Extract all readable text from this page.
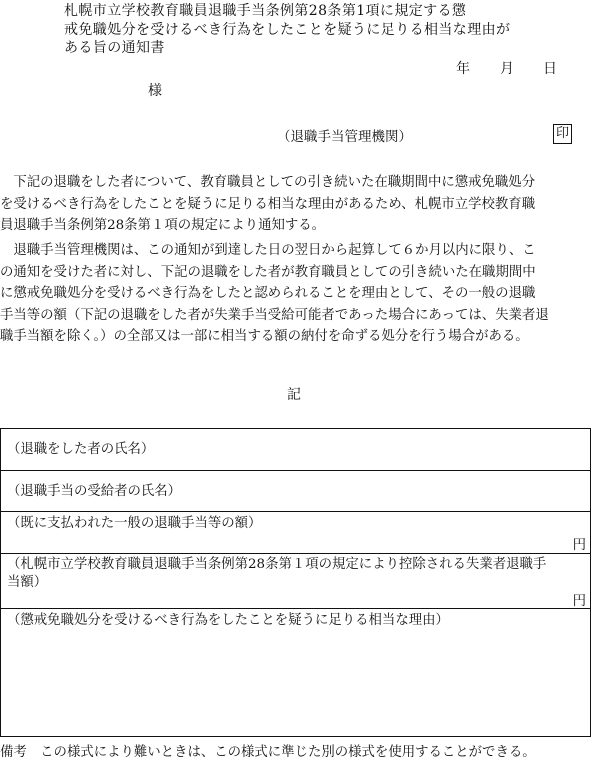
札幌市立学校教育職員退職手当条例第28条第1項に規定する懲
戒免職処分を受けるべき行為をしたことを疑うに足りる相当な理由が
ある旨の通知書
年 月 日
様
（退職手当管理機関）	印
　下記の退職をした者について、教育職員としての引き続いた在職期間中に懲戒免職処分
を受けるべき行為をしたことを疑うに足りる相当な理由があるため、札幌市立学校教育職
員退職手当条例第28条第１項の規定により通知する。
　退職手当管理機関は、この通知が到達した日の翌日から起算して６か月以内に限り、こ
の通知を受けた者に対し、下記の退職をした者が教育職員としての引き続いた在職期間中
に懲戒免職処分を受けるべき行為をしたと認められることを理由として、その一般の退職
手当等の額（下記の退職をした者が失業手当受給可能者であった場合にあっては、失業者退
職手当額を除く。）の全部又は一部に相当する額の納付を命ずる処分を行う場合がある。
記
（退職をした者の氏名）
（退職手当の受給者の氏名）
（既に支払われた一般の退職手当等の額）
円
（札幌市立学校教育職員退職手当条例第28条第１項の規定により控除される失業者退職手
当額）
円
（懲戒免職処分を受けるべき行為をしたことを疑うに足りる相当な理由）
備考　この様式により難いときは、この様式に準じた別の様式を使用することができる。
